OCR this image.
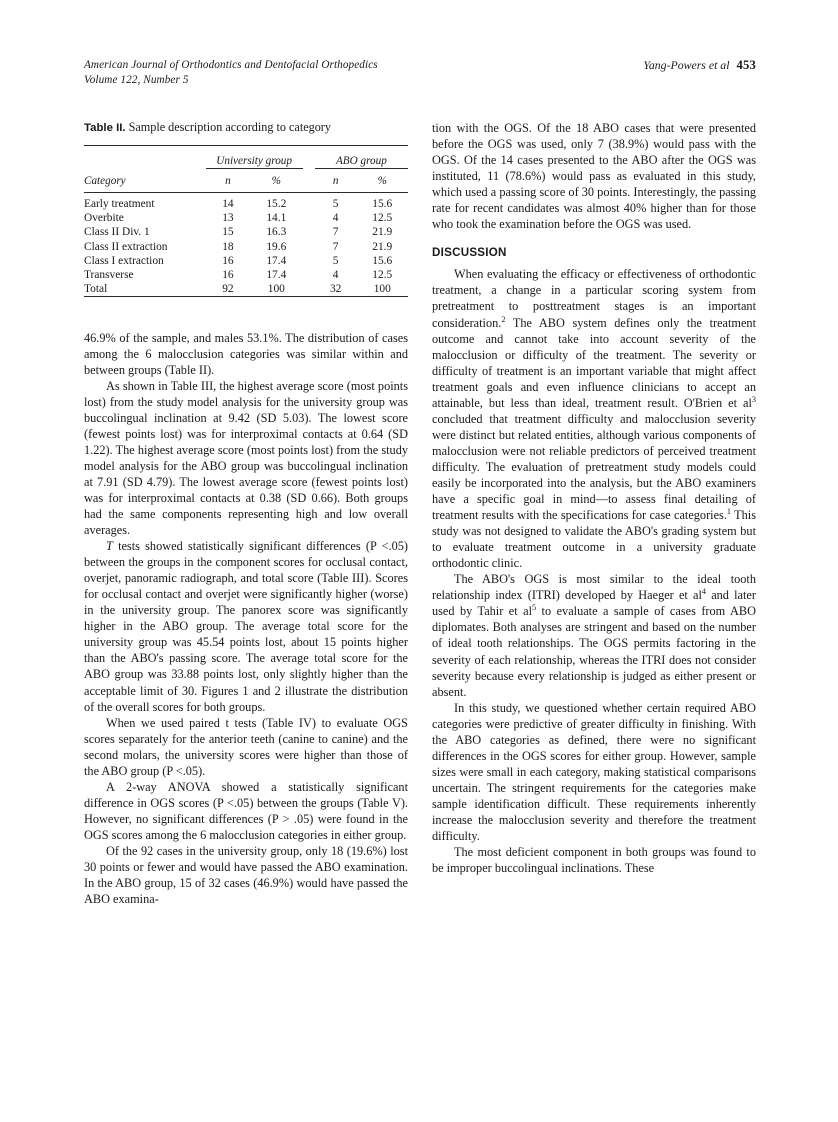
American Journal of Orthodontics and Dentofacial Orthopedics
Volume 122, Number 5
Yang-Powers et al 453
Table II. Sample description according to category

	University group			ABO group	
Category	n	%		n	%

Early treatment	14	15.2		5	15.6
Overbite	13	14.1		4	12.5
Class II Div. 1	15	16.3		7	21.9
Class II extraction	18	19.6		7	21.9
Class I extraction	16	17.4		5	15.6
Transverse	16	17.4		4	12.5
Total	92	100		32	100

46.9% of the sample, and males 53.1%. The distribution of cases among the 6 malocclusion categories was similar within and between groups (Table II).

As shown in Table III, the highest average score (most points lost) from the study model analysis for the university group was buccolingual inclination at 9.42 (SD 5.03). The lowest score (fewest points lost) was for interproximal contacts at 0.64 (SD 1.22). The highest average score (most points lost) from the study model analysis for the ABO group was buccolingual inclination at 7.91 (SD 4.79). The lowest average score (fewest points lost) was for interproximal contacts at 0.38 (SD 0.66). Both groups had the same components representing high and low overall averages.

T tests showed statistically significant differences (P <.05) between the groups in the component scores for occlusal contact, overjet, panoramic radiograph, and total score (Table III). Scores for occlusal contact and overjet were significantly higher (worse) in the university group. The panorex score was significantly higher in the ABO group. The average total score for the university group was 45.54 points lost, about 15 points higher than the ABO's passing score. The average total score for the ABO group was 33.88 points lost, only slightly higher than the acceptable limit of 30. Figures 1 and 2 illustrate the distribution of the overall scores for both groups.

When we used paired t tests (Table IV) to evaluate OGS scores separately for the anterior teeth (canine to canine) and the second molars, the university scores were higher than those of the ABO group (P <.05).

A 2-way ANOVA showed a statistically significant difference in OGS scores (P <.05) between the groups (Table V). However, no significant differences (P > .05) were found in the OGS scores among the 6 malocclusion categories in either group.

Of the 92 cases in the university group, only 18 (19.6%) lost 30 points or fewer and would have passed the ABO examination. In the ABO group, 15 of 32 cases (46.9%) would have passed the ABO examina-

tion with the OGS. Of the 18 ABO cases that were presented before the OGS was used, only 7 (38.9%) would pass with the OGS. Of the 14 cases presented to the ABO after the OGS was instituted, 11 (78.6%) would pass as evaluated in this study, which used a passing score of 30 points. Interestingly, the passing rate for recent candidates was almost 40% higher than for those who took the examination before the OGS was used.

DISCUSSION

When evaluating the efficacy or effectiveness of orthodontic treatment, a change in a particular scoring system from pretreatment to posttreatment stages is an important consideration.$^2$ The ABO system defines only the treatment outcome and cannot take into account severity of the malocclusion or difficulty of the treatment. The severity or difficulty of treatment is an important variable that might affect treatment goals and even influence clinicians to accept an attainable, but less than ideal, treatment result. O'Brien et $al^3$ concluded that treatment difficulty and malocclusion severity were distinct but related entities, although various components of malocclusion were not reliable predictors of perceived treatment difficulty. The evaluation of pretreatment study models could easily be incorporated into the analysis, but the ABO examiners have a specific goal in mind—to assess final detailing of treatment results with the specifications for case categories.$^1$ This study was not designed to validate the ABO's grading system but to evaluate treatment outcome in a university graduate orthodontic clinic.

The ABO's OGS is most similar to the ideal tooth relationship index (ITRI) developed by Haeger et $al^4$ and later used by Tahir et $al^5$ to evaluate a sample of cases from ABO diplomates. Both analyses are stringent and based on the number of ideal tooth relationships. The OGS permits factoring in the severity of each relationship, whereas the ITRI does not consider severity because every relationship is judged as either present or absent.

In this study, we questioned whether certain required ABO categories were predictive of greater difficulty in finishing. With the ABO categories as defined, there were no significant differences in the OGS scores for either group. However, sample sizes were small in each category, making statistical comparisons uncertain. The stringent requirements for the categories make sample identification difficult. These requirements inherently increase the malocclusion severity and therefore the treatment difficulty.

The most deficient component in both groups was found to be improper buccolingual inclinations. These
